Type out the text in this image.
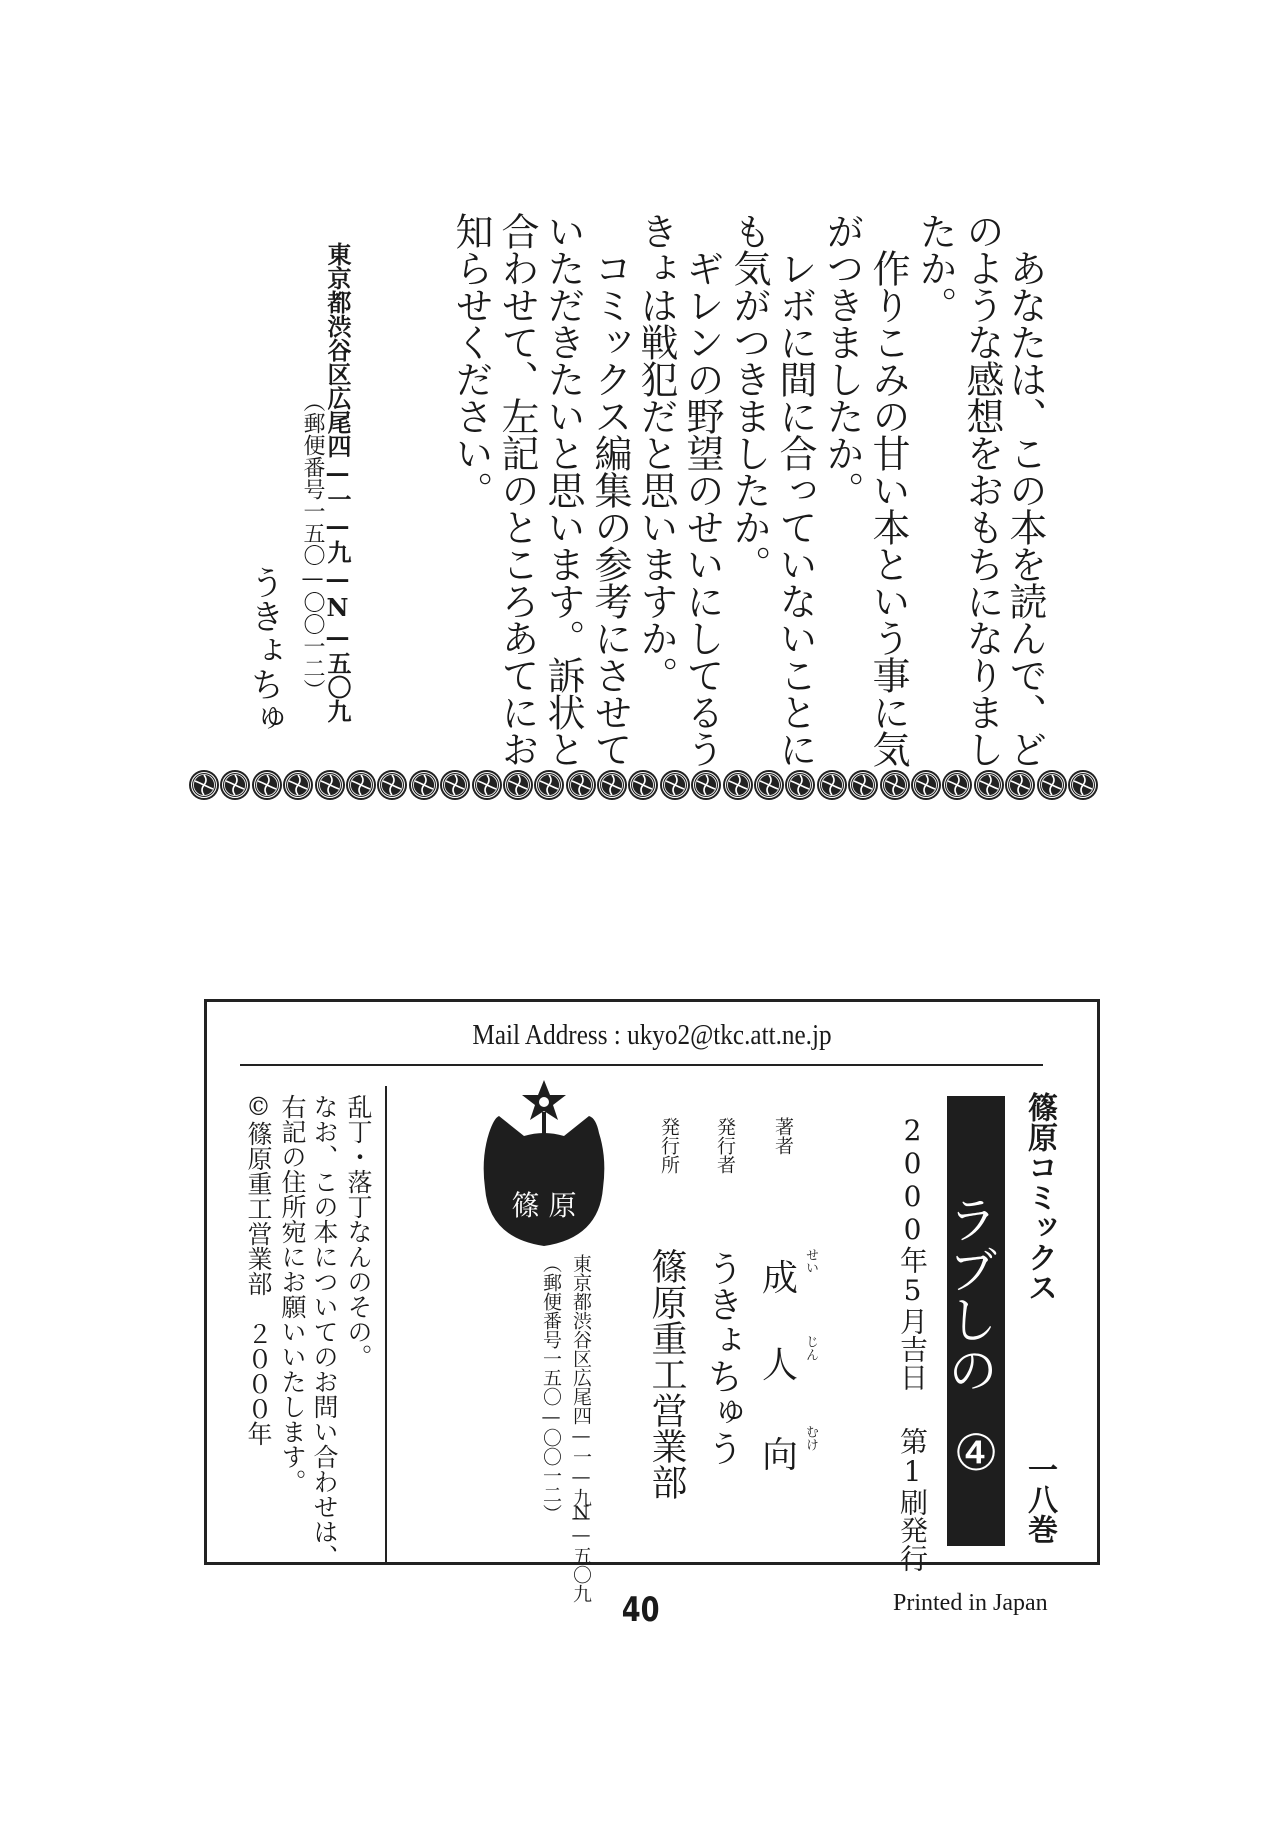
　あなたは、この本を読んで、ど
のような感想をおもちになりまし
たか。
　作りこみの甘い本という事に気
がつきましたか。
　レボに間に合っていないことに
も気がつきましたか。
　ギレンの野望のせいにしてるう
きょは戦犯だと思いますか。
　コミックス編集の参考にさせて
いただきたいと思います。訴状と
合わせて、左記のところあてにお
知らせください。
東京都渋谷区広尾四—一—九—N—五〇九
（郵便番号一五〇—〇〇一二）
うきょちゅ
Mail Address : ukyo2@tkc.att.ne.jp
篠原コミックス
一八巻
ラブしの
④
2000年5月吉日
第1刷発行
著者
発行者
発行所
成 せい
人 じん
向 むけ
うきょちゅう
篠原重工営業部
東京都渋谷区広尾四—一—九—
N—五〇九
（郵便番号一五〇—〇〇一二）
篠 原
乱丁・落丁なんのその。
なお、この本についてのお問い合わせは、
右記の住所宛にお願いいたします。
©篠原重工営業部　２０００年
40	Printed in Japan
